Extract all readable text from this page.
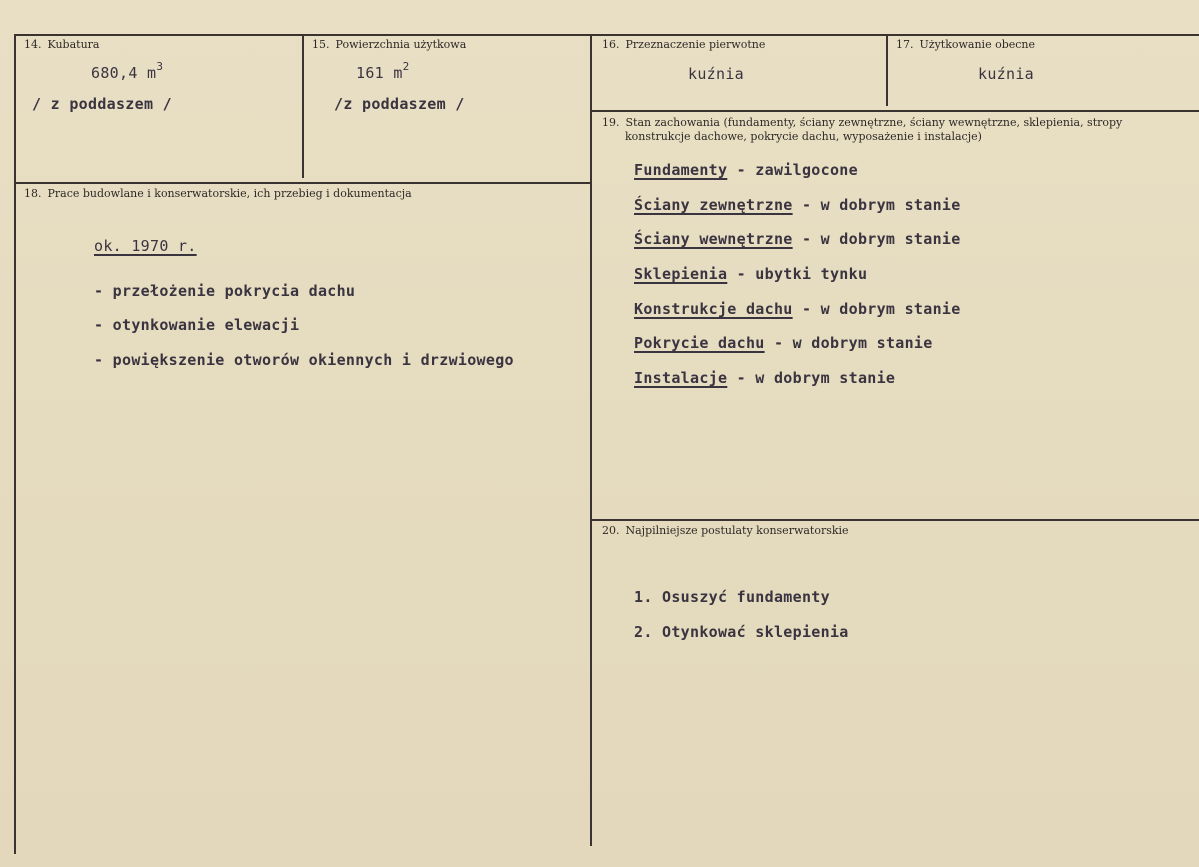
14. Kubatura
680,4 $m^3$
/ z poddaszem /
15. Powierzchnia użytkowa
161 $m^2$
/z poddaszem /
16. Przeznaczenie pierwotne
kuźnia
17. Użytkowanie obecne
kuźnia
18. Prace budowlane i konserwatorskie, ich przebieg i dokumentacja
ok. 1970 r.
- przełożenie pokrycia dachu
- otynkowanie elewacji
- powiększenie otworów okiennych i drzwiowego
19. Stan zachowania (fundamenty, ściany zewnętrzne, ściany wewnętrzne, sklepienia, stropy
konstrukcje dachowe, pokrycie dachu, wyposażenie i instalacje)
Fundamenty - zawilgocone
Ściany zewnętrzne - w dobrym stanie
Ściany wewnętrzne - w dobrym stanie
Sklepienia - ubytki tynku
Konstrukcje dachu - w dobrym stanie
Pokrycie dachu - w dobrym stanie
Instalacje - w dobrym stanie
20. Najpilniejsze postulaty konserwatorskie
1. Osuszyć fundamenty
2. Otynkować sklepienia
